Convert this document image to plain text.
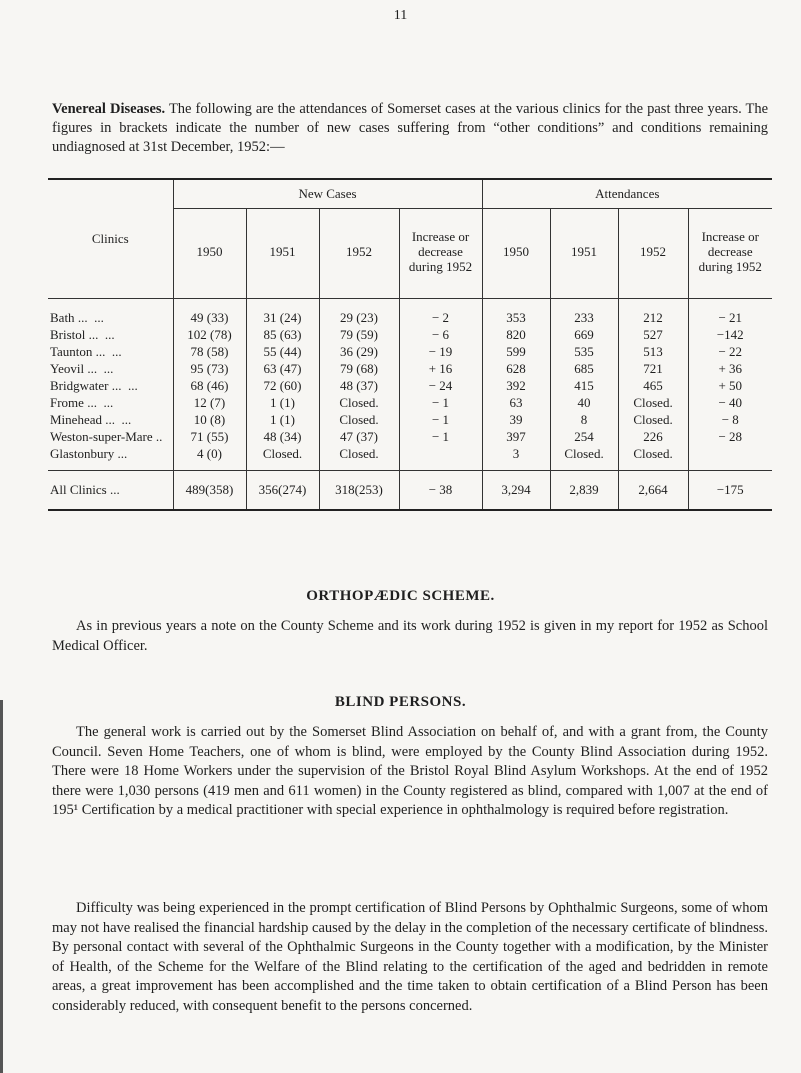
11
Venereal Diseases. The following are the attendances of Somerset cases at the various clinics for the past three years. The figures in brackets indicate the number of new cases suffering from “other conditions” and conditions remaining undiagnosed at 31st December, 1952:—
Clinics	New Cases				Attendances			
	1950	1951	1952	Increase or decrease during 1952	1950	1951	1952	Increase or decrease during 1952
Bath ...  ...	49 (33)	31 (24)	29 (23)	− 2	353	233	212	− 21
Bristol ...  ...	102 (78)	85 (63)	79 (59)	− 6	820	669	527	−142
Taunton ...  ...	78 (58)	55 (44)	36 (29)	− 19	599	535	513	− 22
Yeovil ...  ...	95 (73)	63 (47)	79 (68)	+ 16	628	685	721	+ 36
Bridgwater ...  ...	68 (46)	72 (60)	48 (37)	− 24	392	415	465	+ 50
Frome ...  ...	12 (7)	1 (1)	Closed.	− 1	63	40	Closed.	− 40
Minehead ...  ...	10 (8)	1 (1)	Closed.	− 1	39	8	Closed.	− 8
Weston-super-Mare ..	71 (55)	48 (34)	47 (37)	− 1	397	254	226	− 28
Glastonbury ...	4 (0)	Closed.	Closed.		3	Closed.	Closed.	
All Clinics ...	489(358)	356(274)	318(253)	− 38	3,294	2,839	2,664	−175
ORTHOPÆDIC SCHEME.
As in previous years a note on the County Scheme and its work during 1952 is given in my report for 1952 as School Medical Officer.
BLIND PERSONS.
The general work is carried out by the Somerset Blind Association on behalf of, and with a grant from, the County Council. Seven Home Teachers, one of whom is blind, were employed by the County Blind Association during 1952. There were 18 Home Workers under the supervision of the Bristol Royal Blind Asylum Workshops. At the end of 1952 there were 1,030 persons (419 men and 611 women) in the County registered as blind, compared with 1,007 at the end of 195¹ Certification by a medical practitioner with special experience in ophthalmology is required before registration.
Difficulty was being experienced in the prompt certification of Blind Persons by Ophthalmic Surgeons, some of whom may not have realised the financial hardship caused by the delay in the completion of the necessary certificate of blindness. By personal contact with several of the Ophthalmic Surgeons in the County together with a modification, by the Minister of Health, of the Scheme for the Welfare of the Blind relating to the certification of the aged and bedridden in remote areas, a great improvement has been accomplished and the time taken to obtain certification of a Blind Person has been considerably reduced, with consequent benefit to the persons concerned.
